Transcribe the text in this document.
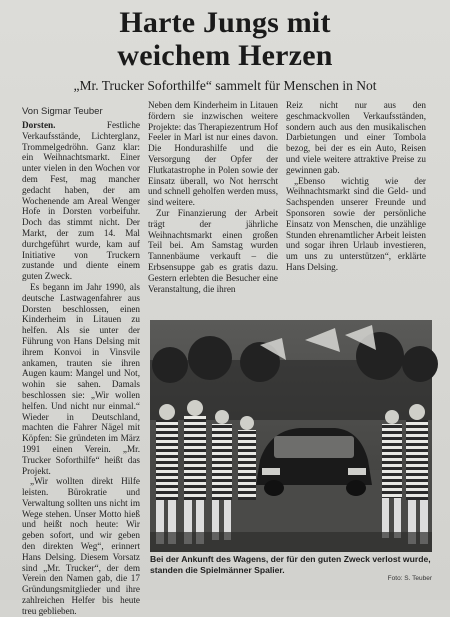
Harte Jungs mit
weichem Herzen
„Mr. Trucker Soforthilfe“ sammelt für Menschen in Not
Von Sigmar Teuber

Dorsten.	Festliche Verkaufsstände, Lichterglanz, Trommelgedröhn. Ganz klar: ein Weihnachtsmarkt. Einer unter vielen in den Wochen vor dem Fest, mag mancher gedacht haben, der am Wochenende am Areal Wenger Hofe in Dorsten vorbeifuhr. Doch das stimmt nicht. Der Markt, der zum 14. Mal durchgeführt wurde, kam auf Initiative von Truckern zustande und diente einem guten Zweck.

Es begann im Jahr 1990, als deutsche Lastwagenfahrer aus Dorsten beschlossen, einen Kinderheim in Litauen zu helfen. Als sie unter der Führung von Hans Delsing mit ihrem Konvoi in Vinsvile ankamen, trauten sie ihren Augen kaum: Mangel und Not, wohin sie sahen. Damals beschlossen sie: „Wir wollen helfen. Und nicht nur einmal.“ Wieder in Deutschland, machten die Fahrer Nägel mit Köpfen: Sie gründeten im März 1991 einen Verein. „Mr. Trucker Soforthilfe“ heißt das Projekt.

„Wir wollten direkt Hilfe leisten. Bürokratie und Verwaltung sollten uns nicht im Wege stehen. Unser Motto hieß und heißt noch heute: Wir geben sofort, und wir geben den direkten Weg“, erinnert Hans Delsing. Diesem Vorsatz sind „Mr. Trucker“, der dem Verein den Namen gab, die 17 Gründungsmitglieder und ihre zahlreichen Helfer bis heute treu geblieben.

Neben dem Kinderheim in Litauen fördern sie inzwischen weitere Projekte: das Therapiezentrum Hof Feeler in Marl ist nur eines davon. Die Hondurashilfe und die Versorgung der Opfer der Flutkatastrophe in Polen sowie der Einsatz überall, wo Not herrscht und schnell geholfen werden muss, sind weitere.

Zur Finanzierung der Arbeit trägt der jährliche Weihnachtsmarkt einen großen Teil bei. Am Samstag wurden Tannenbäume verkauft – die Erbsensuppe gab es gratis dazu. Gestern erlebten die Besucher eine Veranstaltung, die ihren

Reiz nicht nur aus den geschmackvollen Verkaufsständen, sondern auch aus den musikalischen Darbietungen und einer Tombola bezog, bei der es ein Auto, Reisen und viele weitere attraktive Preise zu gewinnen gab.

„Ebenso wichtig wie der Weihnachtsmarkt sind die Geld- und Sachspenden unserer Freunde und Sponsoren sowie der persönliche Einsatz von Menschen, die unzählige Stunden ehrenamtlicher Arbeit leisten und sogar ihren Urlaub investieren, um uns zu unterstützen“, erklärte Hans Delsing.

Bei der Ankunft des Wagens, der für den guten Zweck verlost wurde, standen die Spielmänner Spalier.
Foto: S. Teuber
